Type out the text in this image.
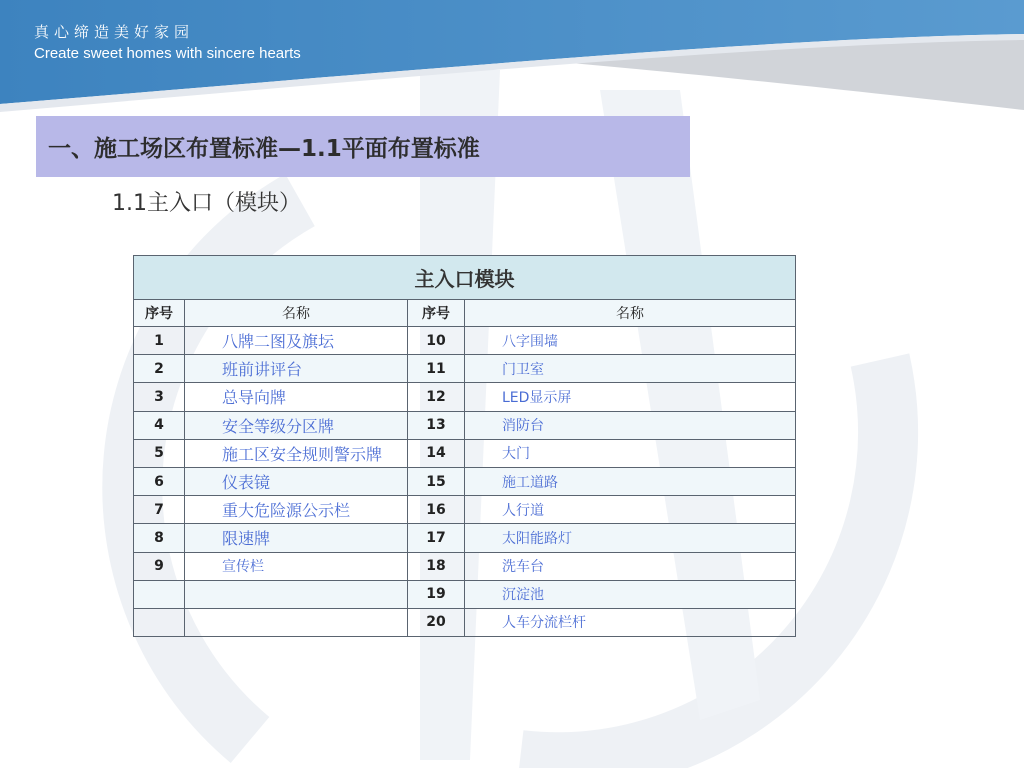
真心缔造美好家园
Create sweet homes with sincere hearts
一、施工场区布置标准—1.1平面布置标准
1.1主入口（模块）
主入口模块			
序号	名称	序号	名称
1	八牌二图及旗坛	10	八字围墙
2	班前讲评台	11	门卫室
3	总导向牌	12	LED显示屏
4	安全等级分区牌	13	消防台
5	施工区安全规则警示牌	14	大门
6	仪表镜	15	施工道路
7	重大危险源公示栏	16	人行道
8	限速牌	17	太阳能路灯
9	宣传栏	18	洗车台
		19	沉淀池
		20	人车分流栏杆
